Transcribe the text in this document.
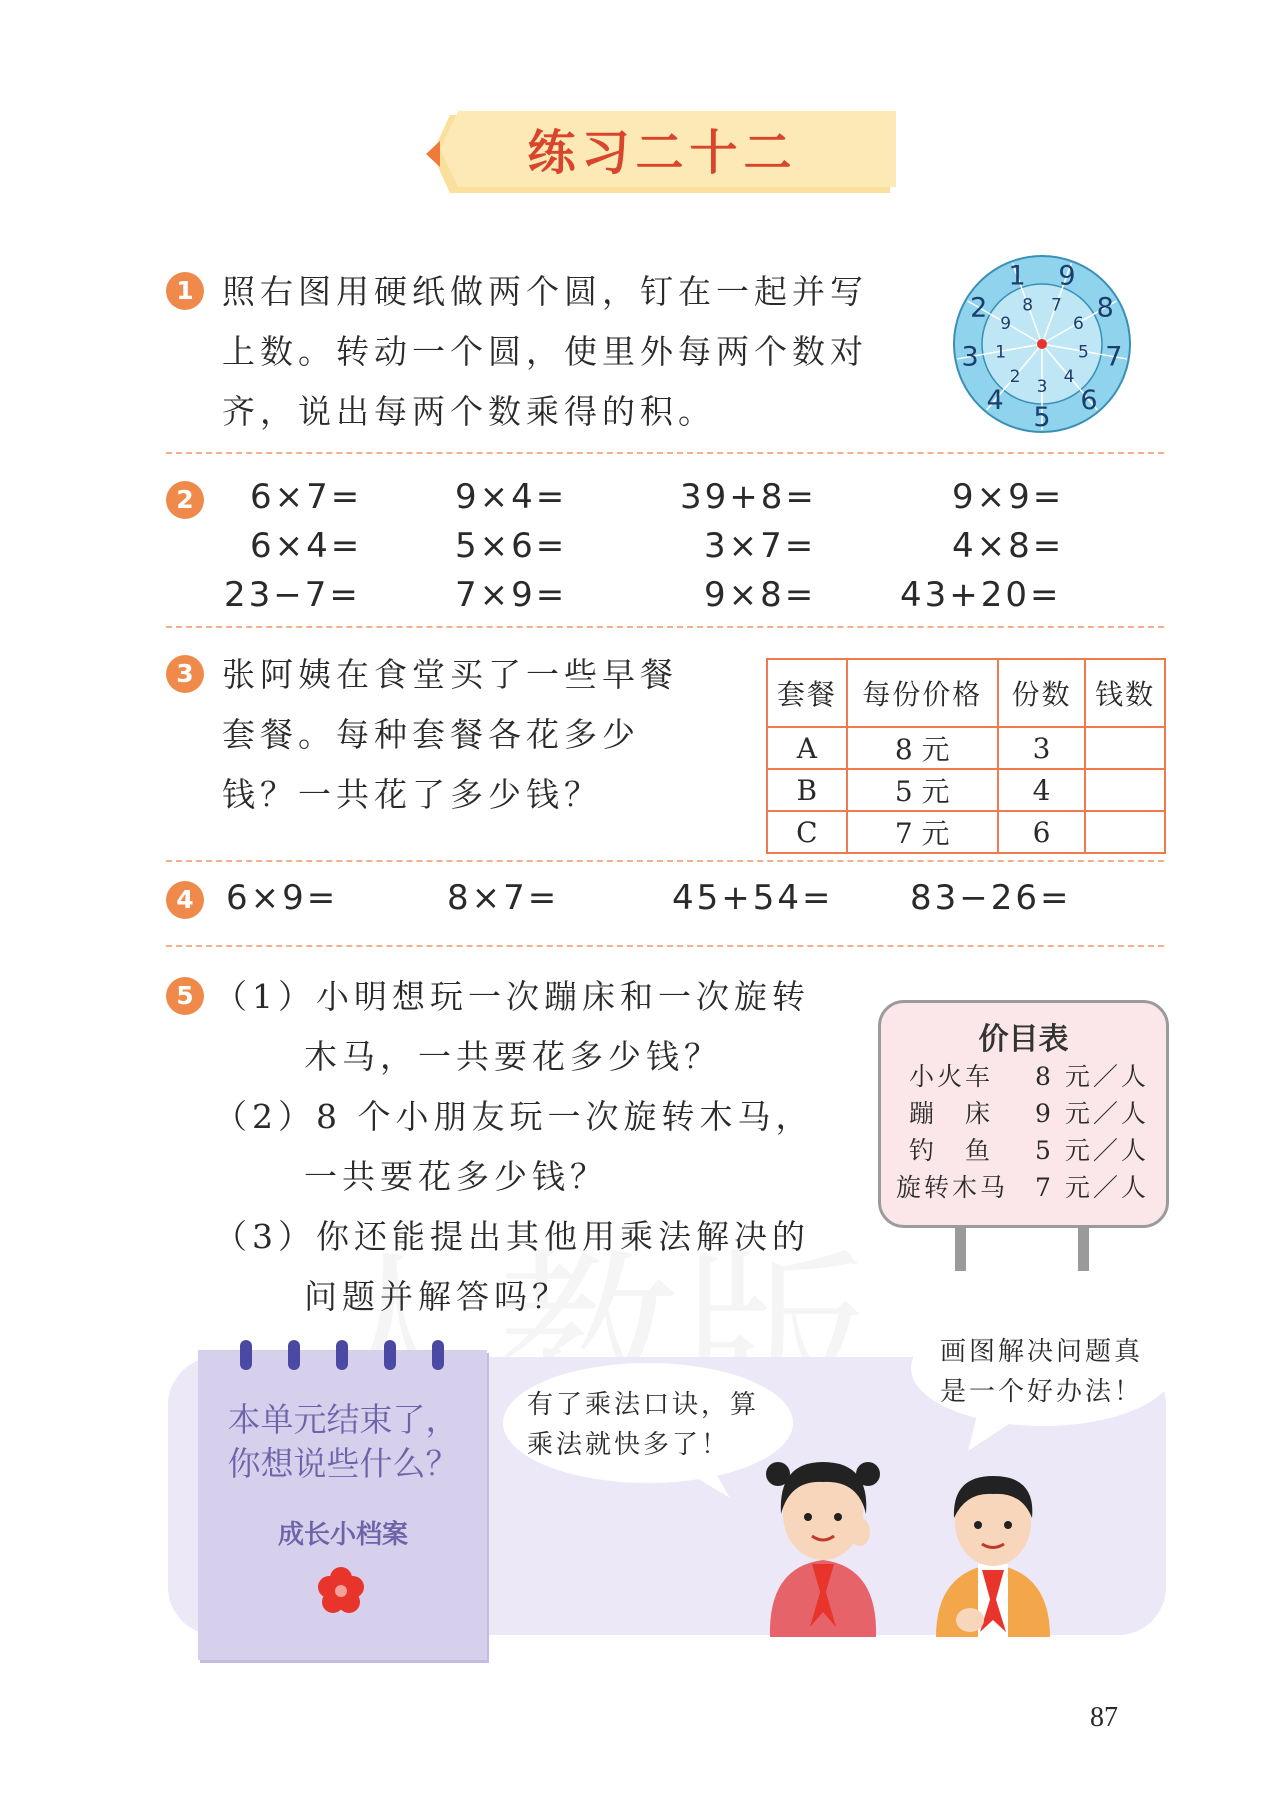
练习二十二
1 照右图用硬纸做两个圆，钉在一起并写
上数。转动一个圆，使里外每两个数对
齐，说出每两个数乘得的积。
9
8
7
6
5
4
3
2
1
7
6
5
4
3
2
1
9
8
2	6×7=	9×4=	39+8=	9×9=
6×4=	5×6=	3×7=	4×8=
23−7=	7×9=	9×8= 43+20=
3 张阿姨在食堂买了一些早餐
套餐。每种套餐各花多少
钱？一共花了多少钱？
套餐	每份价格	份数	钱数
A	8 元	3	
B	5 元	4	
C	7 元	6	
4 6×9=	8×7=	45+54= 83−26=
5 （1）小明想玩一次蹦床和一次旋转
木马，一共要花多少钱？
（2）8 个小朋友玩一次旋转木马，
一共要花多少钱？
（3）你还能提出其他用乘法解决的
问题并解答吗？
价目表
小火车	8 元／人
蹦　床	9 元／人
钓　鱼	5 元／人
旋转木马 7 元／人
本单元结束了，
你想说些什么？
成长小档案
有了乘法口诀，算
乘法就快多了！
画图解决问题真
是一个好办法！
87
